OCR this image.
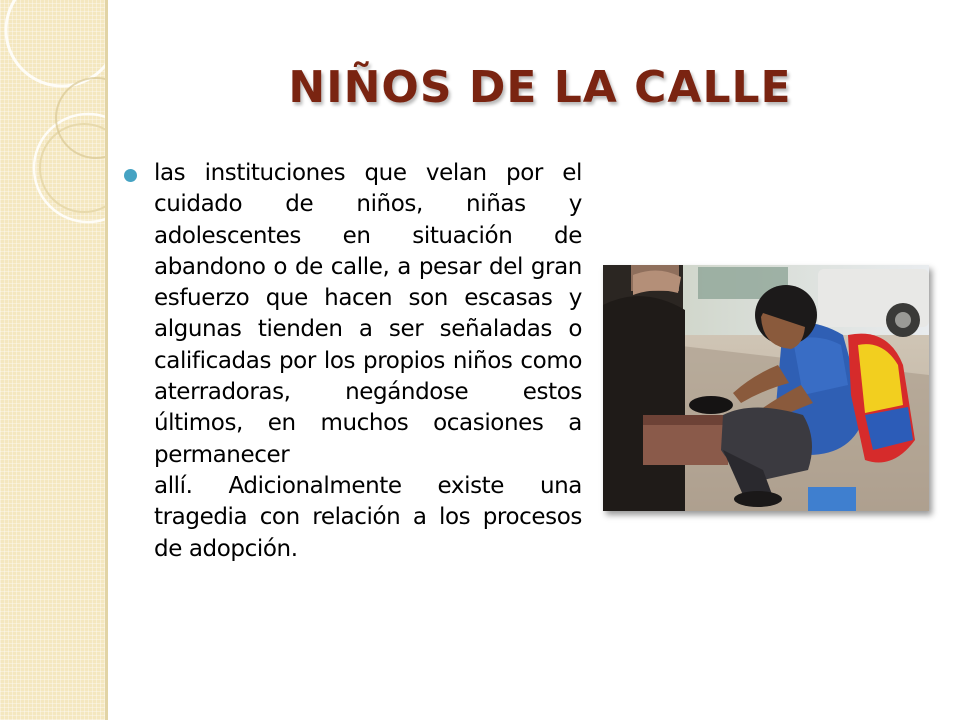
NIÑOS DE LA CALLE
las instituciones que velan por el cuidado de niños, niñas y adolescentes en situación de abandono o de calle, a pesar del gran esfuerzo que hacen son escasas y algunas tienden a ser señaladas o calificadas por los propios niños como aterradoras, negándose estos últimos, en muchos ocasiones a permanecer
allí. Adicionalmente existe una tragedia con relación a los procesos de adopción.
